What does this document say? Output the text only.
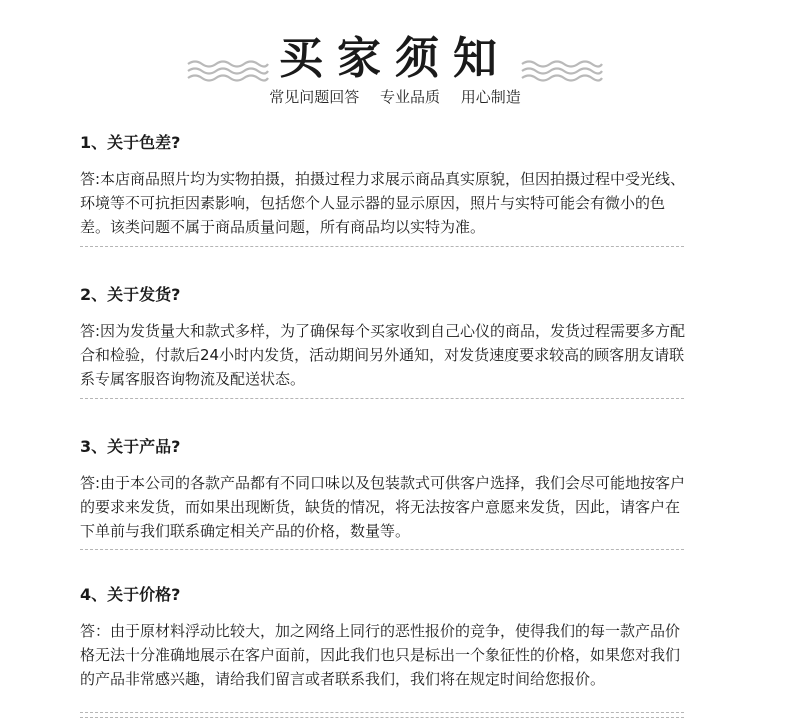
买家须知
常见问题回答 专业品质 用心制造

1、关于色差?

答:本店商品照片均为实物拍摄，拍摄过程力求展示商品真实原貌，但因拍摄过程中受光线、环境等不可抗拒因素影响，包括您个人显示器的显示原因，照片与实特可能会有微小的色差。该类问题不属于商品质量问题，所有商品均以实特为准。

2、关于发货?

答:因为发货量大和款式多样，为了确保每个买家收到自己心仪的商品，发货过程需要多方配合和检验，付款后24小时内发货，活动期间另外通知，对发货速度要求较高的顾客朋友请联系专属客服咨询物流及配送状态。

3、关于产品?

答:由于本公司的各款产品都有不同口味以及包装款式可供客户选择，我们会尽可能地按客户的要求来发货，而如果出现断货，缺货的情况，将无法按客户意愿来发货，因此，请客户在下单前与我们联系确定相关产品的价格，数量等。

4、关于价格?

答：由于原材料浮动比较大，加之网络上同行的恶性报价的竞争，使得我们的每一款产品价格无法十分准确地展示在客户面前，因此我们也只是标出一个象征性的价格，如果您对我们的产品非常感兴趣，请给我们留言或者联系我们，我们将在规定时间给您报价。
